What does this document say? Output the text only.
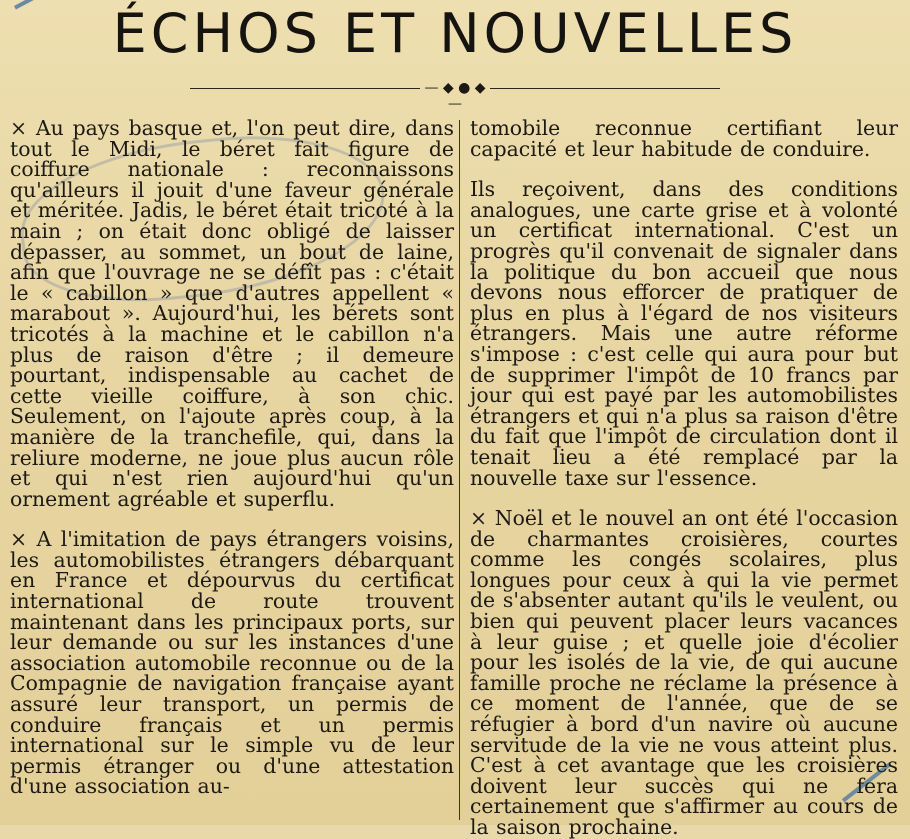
ÉCHOS ET NOUVELLES
— ◆ ● ◆ —

× Au pays basque et, l'on peut dire, dans tout le Midi, le béret fait figure de coiffure nationale : reconnaissons qu'ailleurs il jouit d'une faveur générale et méritée. Jadis, le béret était tricoté à la main ; on était donc obligé de laisser dépasser, au sommet, un bout de laine, afin que l'ouvrage ne se défît pas : c'était le « cabillon » que d'autres appellent « marabout ». Aujourd'hui, les bérets sont tricotés à la machine et le cabillon n'a plus de raison d'être ; il demeure pourtant, indispensable au cachet de cette vieille coiffure, à son chic. Seulement, on l'ajoute après coup, à la manière de la tranchefile, qui, dans la reliure moderne, ne joue plus aucun rôle et qui n'est rien aujourd'hui qu'un ornement agréable et superflu.

× A l'imitation de pays étrangers voisins, les automobilistes étrangers débarquant en France et dépourvus du certificat international de route trouvent maintenant dans les principaux ports, sur leur demande ou sur les instances d'une association automobile reconnue ou de la Compagnie de navigation française ayant assuré leur transport, un permis de conduire français et un permis international sur le simple vu de leur permis étranger ou d'une attestation d'une association au-

tomobile reconnue certifiant leur capacité et leur habitude de conduire.

Ils reçoivent, dans des conditions analogues, une carte grise et à volonté un certificat international. C'est un progrès qu'il convenait de signaler dans la politique du bon accueil que nous devons nous efforcer de pratiquer de plus en plus à l'égard de nos visiteurs étrangers. Mais une autre réforme s'impose : c'est celle qui aura pour but de supprimer l'impôt de 10 francs par jour qui est payé par les automobilistes étrangers et qui n'a plus sa raison d'être du fait que l'impôt de circulation dont il tenait lieu a été remplacé par la nouvelle taxe sur l'essence.

× Noël et le nouvel an ont été l'occasion de charmantes croisières, courtes comme les congés scolaires, plus longues pour ceux à qui la vie permet de s'absenter autant qu'ils le veulent, ou bien qui peuvent placer leurs vacances à leur guise ; et quelle joie d'écolier pour les isolés de la vie, de qui aucune famille proche ne réclame la présence à ce moment de l'année, que de se réfugier à bord d'un navire où aucune servitude de la vie ne vous atteint plus. C'est à cet avantage que les croisières doivent leur succès qui ne fera certainement que s'affirmer au cours de la saison prochaine.
